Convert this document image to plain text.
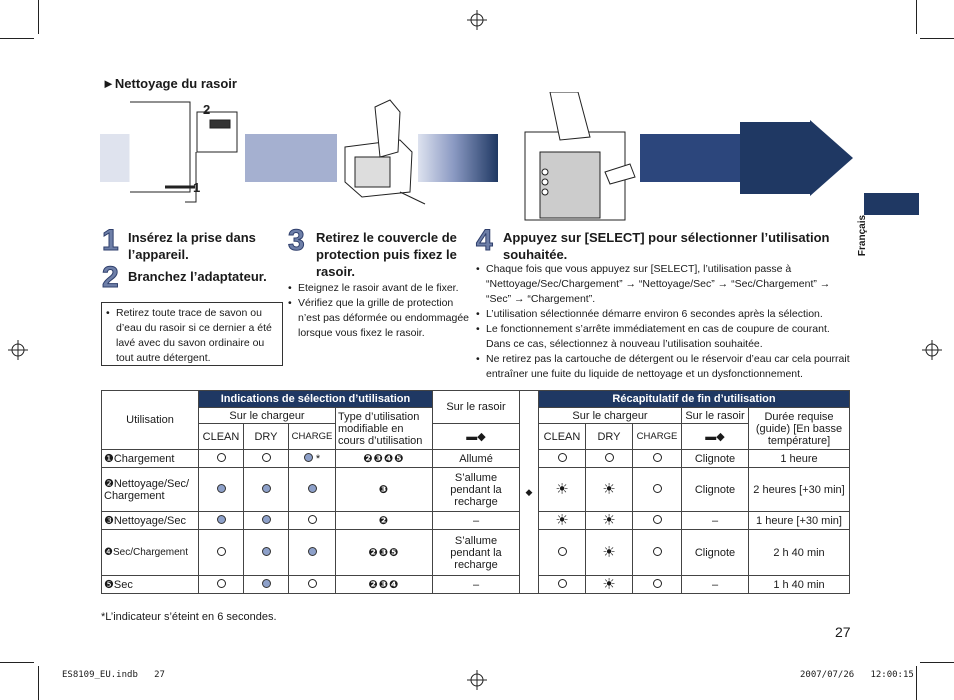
►Nettoyage du rasoir
2
1
1 Insérez la prise dans l’appareil.
2 Branchez l’adaptateur.
• Retirez toute trace de savon ou d’eau du rasoir si ce dernier a été lavé avec du savon ordinaire ou tout autre détergent.
3 Retirez le couvercle de protection puis fixez le rasoir.
• Eteignez le rasoir avant de le fixer.
• Vérifiez que la grille de protection n’est pas déformée ou endommagée lorsque vous fixez le rasoir.
4 Appuyez sur [SELECT] pour sélectionner l’utilisation souhaitée.
• Chaque fois que vous appuyez sur [SELECT], l’utilisation passe à “Nettoyage/Sec/Chargement” → “Nettoyage/Sec” → “Sec/Chargement” → “Sec” → “Chargement”.
• L’utilisation sélectionnée démarre environ 6 secondes après la sélection.
• Le fonctionnement s’arrête immédiatement en cas de coupure de courant. Dans ce cas, sélectionnez à nouveau l’utilisation souhaitée.
• Ne retirez pas la cartouche de détergent ou le réservoir d’eau car cela pourrait entraîner une fuite du liquide de nettoyage et un dysfonctionnement.
Français
Utilisation	Indications de sélection d’utilisation				Sur le rasoir	◆	Récapitulatif de fin d’utilisation				
	Sur le chargeur			Type d’utilisation modifiable en cours d’utilisation			Sur le chargeur			Sur le rasoir	Durée requise (guide) [En basse température]
	CLEAN	DRY	CHARGE		▬◆		CLEAN	DRY	CHARGE	▬◆	
❶Chargement			*	❷❸❹❺	Allumé					Clignote	1 heure
❷Nettoyage/Sec/ Chargement				❸	S’allume pendant la recharge		☀	☀		Clignote	2 heures [+30 min]
❸Nettoyage/Sec				❷	–		☀	☀		–	1 heure [+30 min]
❹Sec/Chargement				❷❸❺	S’allume pendant la recharge			☀		Clignote	2 h 40 min
❺Sec				❷❸❹	–			☀		–	1 h 40 min
*L’indicateur s’éteint en 6 secondes.
27
ES8109_EU.indb   27	2007/07/26   12:00:15
